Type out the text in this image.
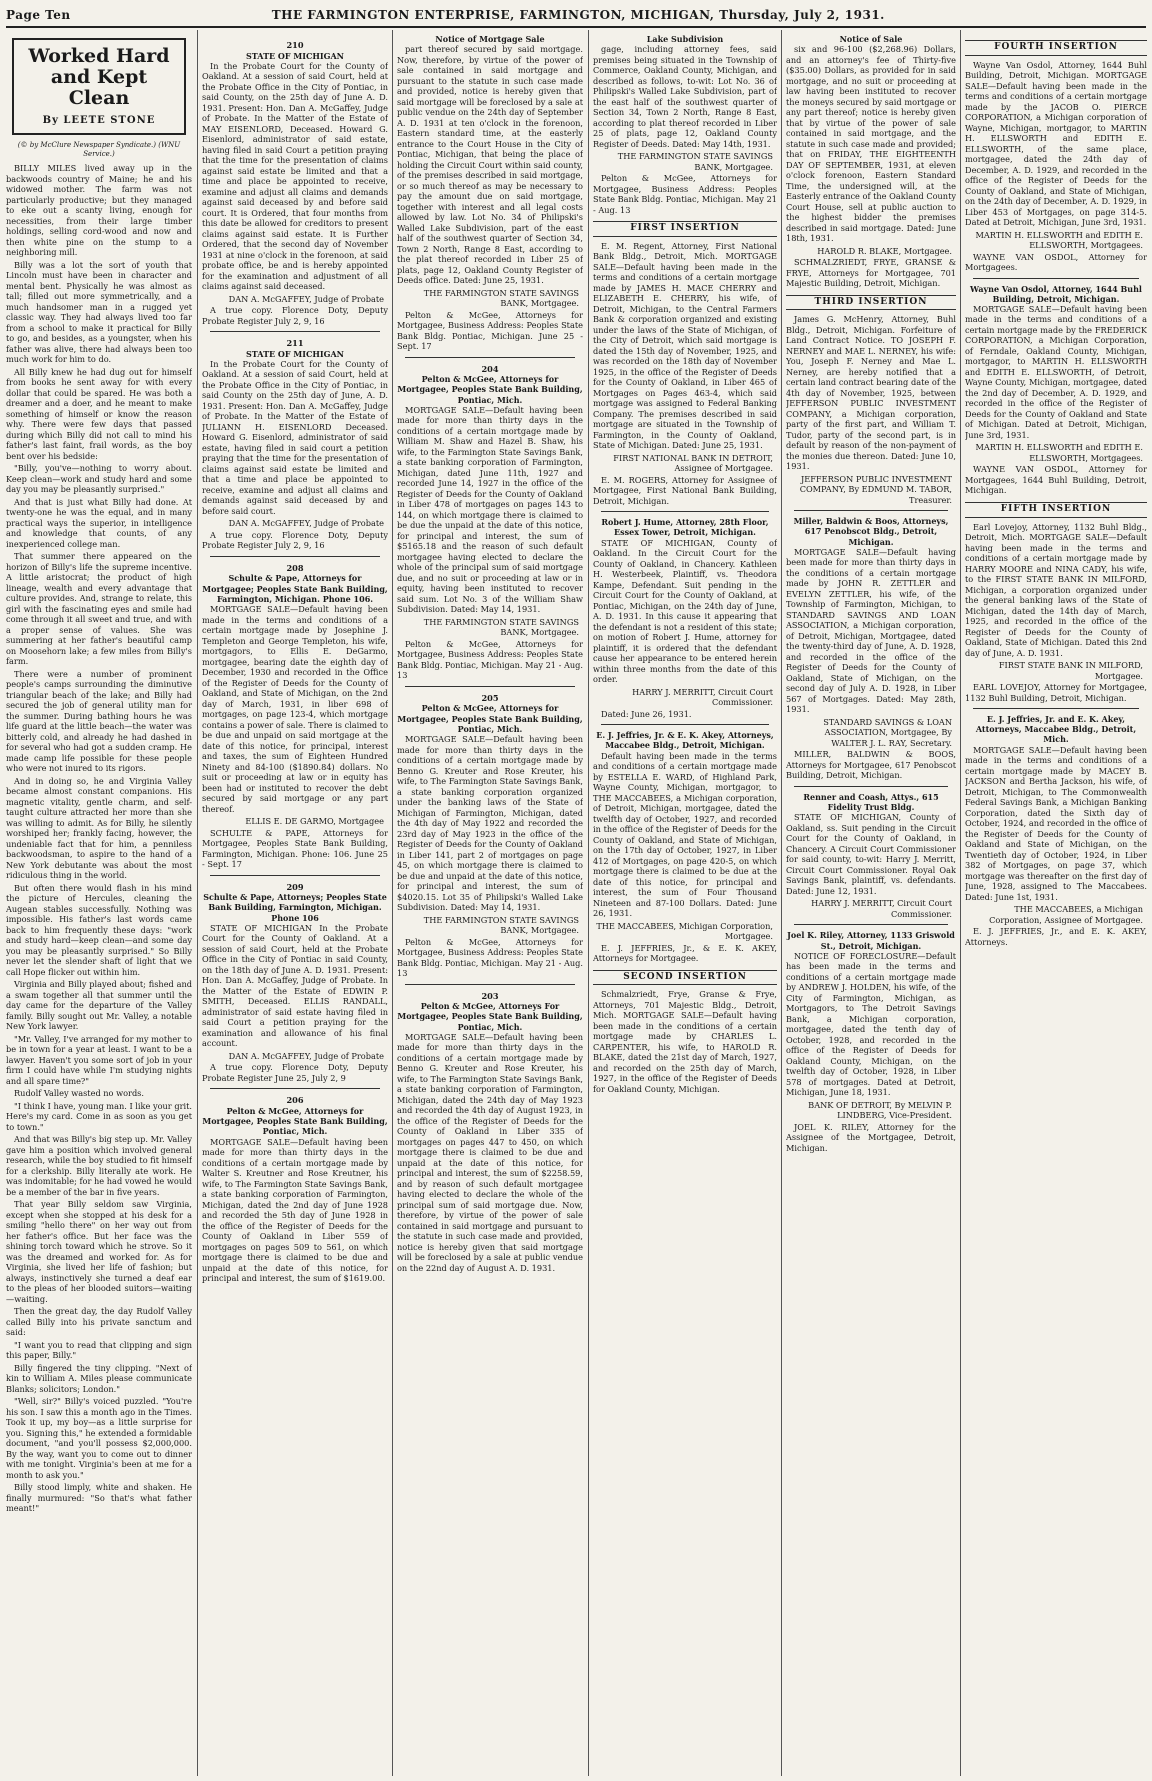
Page Ten	THE FARMINGTON ENTERPRISE, FARMINGTON, MICHIGAN, Thursday, July 2, 1931.
Worked Hard and Kept Clean
By LEETE STONE
(© by McClure Newspaper Syndicate.) (WNU Service.)

BILLY MILES lived away up in the backwoods country of Maine; he and his widowed mother. The farm was not particularly productive; but they managed to eke out a scanty living, enough for necessities, from their large timber holdings, selling cord-wood and now and then white pine on the stump to a neighboring mill.

Billy was a lot the sort of youth that Lincoln must have been in character and mental bent. Physically he was almost as tall; filled out more symmetrically, and a much handsomer man in a rugged yet classic way. They had always lived too far from a school to make it practical for Billy to go, and besides, as a youngster, when his father was alive, there had always been too much work for him to do.

All Billy knew he had dug out for himself from books he sent away for with every dollar that could be spared. He was both a dreamer and a doer, and he meant to make something of himself or know the reason why. There were few days that passed during which Billy did not call to mind his father's last faint, frail words, as the boy bent over his bedside:

"Billy, you've—nothing to worry about. Keep clean—work and study hard and some day you may be pleasantly surprised."

And that is just what Billy had done. At twenty-one he was the equal, and in many practical ways the superior, in intelligence and knowledge that counts, of any inexperienced college man.

That summer there appeared on the horizon of Billy's life the supreme incentive. A little aristocrat; the product of high lineage, wealth and every advantage that culture provides. And, strange to relate, this girl with the fascinating eyes and smile had come through it all sweet and true, and with a proper sense of values. She was summering at her father's beautiful camp on Moosehorn lake; a few miles from Billy's farm.

There were a number of prominent people's camps surrounding the diminutive triangular beach of the lake; and Billy had secured the job of general utility man for the summer. During bathing hours he was life guard at the little beach—the water was bitterly cold, and already he had dashed in for several who had got a sudden cramp. He made camp life possible for these people who were not inured to its rigors.

And in doing so, he and Virginia Valley became almost constant companions. His magnetic vitality, gentle charm, and self-taught culture attracted her more than she was willing to admit. As for Billy, he silently worshiped her; frankly facing, however, the undeniable fact that for him, a penniless backwoodsman, to aspire to the hand of a New York debutante was about the most ridiculous thing in the world.

But often there would flash in his mind the picture of Hercules, cleaning the Augean stables successfully. Nothing was impossible. His father's last words came back to him frequently these days: "work and study hard—keep clean—and some day you may be pleasantly surprised." So Billy never let the slender shaft of light that we call Hope flicker out within him.

Virginia and Billy played about; fished and a swam together all that summer until the day came for the departure of the Valley family. Billy sought out Mr. Valley, a notable New York lawyer.

"Mr. Valley, I've arranged for my mother to be in town for a year at least. I want to be a lawyer. Haven't you some sort of job in your firm I could have while I'm studying nights and all spare time?"

Rudolf Valley wasted no words.

"I think I have, young man. I like your grit. Here's my card. Come in as soon as you get to town."

And that was Billy's big step up. Mr. Valley gave him a position which involved general research, while the boy studied to fit himself for a clerkship. Billy literally ate work. He was indomitable; for he had vowed he would be a member of the bar in five years.

That year Billy seldom saw Virginia, except when she stopped at his desk for a smiling "hello there" on her way out from her father's office. But her face was the shining torch toward which he strove. So it was the dreamed and worked for. As for Virginia, she lived her life of fashion; but always, instinctively she turned a deaf ear to the pleas of her blooded suitors—waiting—waiting.

Then the great day, the day Rudolf Valley called Billy into his private sanctum and said:

"I want you to read that clipping and sign this paper, Billy."

Billy fingered the tiny clipping. "Next of kin to William A. Miles please communicate Blanks; solicitors; London."

"Well, sir?" Billy's voiced puzzled. "You're his son. I saw this a month ago in the Times. Took it up, my boy—as a little surprise for you. Signing this," he extended a formidable document, "and you'll possess $2,000,000. By the way, want you to come out to dinner with me tonight. Virginia's been at me for a month to ask you."

Billy stood limply, white and shaken. He finally murmured: "So that's what father meant!"

210
STATE OF MICHIGAN

In the Probate Court for the County of Oakland. At a session of said Court, held at the Probate Office in the City of Pontiac, in said County, on the 25th day of June A. D. 1931. Present: Hon. Dan A. McGaffey, Judge of Probate. In the Matter of the Estate of MAY EISENLORD, Deceased. Howard G. Eisenlord, administrator of said estate, having filed in said Court a petition praying that the time for the presentation of claims against said estate be limited and that a time and place be appointed to receive, examine and adjust all claims and demands against said deceased by and before said court. It is Ordered, that four months from this date be allowed for creditors to present claims against said estate. It is Further Ordered, that the second day of November 1931 at nine o'clock in the forenoon, at said probate office, be and is hereby appointed for the examination and adjustment of all claims against said deceased.

DAN A. McGAFFEY, Judge of Probate

A true copy. Florence Doty, Deputy Probate Register July 2, 9, 16

211
STATE OF MICHIGAN

In the Probate Court for the County of Oakland. At a session of said Court, held at the Probate Office in the City of Pontiac, in said County on the 25th day of June, A. D. 1931. Present: Hon. Dan A. McGaffey, Judge of Probate. In the Matter of the Estate of JULIANN H. EISENLORD Deceased. Howard G. Eisenlord, administrator of said estate, having filed in said court a petition praying that the time for the presentation of claims against said estate be limited and that a time and place be appointed to receive, examine and adjust all claims and demands against said deceased by and before said court.

DAN A. McGAFFEY, Judge of Probate

A true copy. Florence Doty, Deputy Probate Register July 2, 9, 16

208
Schulte & Pape, Attorneys for Mortgagee; Peoples State Bank Building, Farmington, Michigan. Phone 106.

MORTGAGE SALE—Default having been made in the terms and conditions of a certain mortgage made by Josephine J. Templeton and George Templeton, his wife, mortgagors, to Ellis E. DeGarmo, mortgagee, bearing date the eighth day of December, 1930 and recorded in the Office of the Register of Deeds for the County of Oakland, and State of Michigan, on the 2nd day of March, 1931, in liber 698 of mortgages, on page 123-4, which mortgage contains a power of sale. There is claimed to be due and unpaid on said mortgage at the date of this notice, for principal, interest and taxes, the sum of Eighteen Hundred Ninety and 84-100 ($1890.84) dollars. No suit or proceeding at law or in equity has been had or instituted to recover the debt secured by said mortgage or any part thereof.

ELLIS E. DE GARMO, Mortgagee

SCHULTE & PAPE, Attorneys for Mortgagee, Peoples State Bank Building, Farmington, Michigan. Phone: 106. June 25 - Sept. 17

209
Schulte & Pape, Attorneys; Peoples State Bank Building, Farmington, Michigan. Phone 106

STATE OF MICHIGAN In the Probate Court for the County of Oakland. At a session of said Court, held at the Probate Office in the City of Pontiac in said County, on the 18th day of June A. D. 1931. Present: Hon. Dan A. McGaffey, Judge of Probate. In the Matter of the Estate of EDWIN P. SMITH, Deceased. ELLIS RANDALL, administrator of said estate having filed in said Court a petition praying for the examination and allowance of his final account.

DAN A. McGAFFEY, Judge of Probate

A true copy. Florence Doty, Deputy Probate Register June 25, July 2, 9

206
Pelton & McGee, Attorneys for Mortgagee, Peoples State Bank Building, Pontiac, Mich.

MORTGAGE SALE—Default having been made for more than thirty days in the conditions of a certain mortgage made by Walter S. Kreutner and Rose Kreutner, his wife, to The Farmington State Savings Bank, a state banking corporation of Farmington, Michigan, dated the 2nd day of June 1928 and recorded the 5th day of June 1928 in the office of the Register of Deeds for the County of Oakland in Liber 559 of mortgages on pages 509 to 561, on which mortgage there is claimed to be due and unpaid at the date of this notice, for principal and interest, the sum of $1619.00.

Notice of Mortgage Sale

part thereof secured by said mortgage. Now, therefore, by virtue of the power of sale contained in said mortgage and pursuant to the statute in such case made and provided, notice is hereby given that said mortgage will be foreclosed by a sale at public vendue on the 24th day of September A. D. 1931 at ten o'clock in the forenoon, Eastern standard time, at the easterly entrance to the Court House in the City of Pontiac, Michigan, that being the place of holding the Circuit Court within said county, of the premises described in said mortgage, or so much thereof as may be necessary to pay the amount due on said mortgage, together with interest and all legal costs allowed by law. Lot No. 34 of Philipski's Walled Lake Subdivision, part of the east half of the southwest quarter of Section 34, Town 2 North, Range 8 East, according to the plat thereof recorded in Liber 25 of plats, page 12, Oakland County Register of Deeds office. Dated: June 25, 1931.

THE FARMINGTON STATE SAVINGS BANK, Mortgagee.

Pelton & McGee, Attorneys for Mortgagee, Business Address: Peoples State Bank Bldg. Pontiac, Michigan. June 25 - Sept. 17

204
Pelton & McGee, Attorneys for Mortgagee, Peoples State Bank Building, Pontiac, Mich.

MORTGAGE SALE—Default having been made for more than thirty days in the conditions of a certain mortgage made by William M. Shaw and Hazel B. Shaw, his wife, to the Farmington State Savings Bank, a state banking corporation of Farmington, Michigan, dated June 11th, 1927 and recorded June 14, 1927 in the office of the Register of Deeds for the County of Oakland in Liber 478 of mortgages on pages 143 to 144, on which mortgage there is claimed to be due the unpaid at the date of this notice, for principal and interest, the sum of $5165.18 and the reason of such default mortgagee having elected to declare the whole of the principal sum of said mortgage due, and no suit or proceeding at law or in equity, having been instituted to recover said sum. Lot No. 3 of the William Shaw Subdivision. Dated: May 14, 1931.

THE FARMINGTON STATE SAVINGS BANK, Mortgagee.

Pelton & McGee, Attorneys for Mortgagee, Business Address: Peoples State Bank Bldg. Pontiac, Michigan. May 21 - Aug. 13

205
Pelton & McGee, Attorneys for Mortgagee, Peoples State Bank Building, Pontiac, Mich.

MORTGAGE SALE—Default having been made for more than thirty days in the conditions of a certain mortgage made by Benno G. Kreuter and Rose Kreuter, his wife, to The Farmington State Savings Bank, a state banking corporation organized under the banking laws of the State of Michigan of Farmington, Michigan, dated the 4th day of May 1922 and recorded the 23rd day of May 1923 in the office of the Register of Deeds for the County of Oakland in Liber 141, part 2 of mortgages on page 45, on which mortgage there is claimed to be due and unpaid at the date of this notice, for principal and interest, the sum of $4020.15. Lot 35 of Philipski's Walled Lake Subdivision. Dated: May 14, 1931.

THE FARMINGTON STATE SAVINGS BANK, Mortgagee.

Pelton & McGee, Attorneys for Mortgagee, Business Address: Peoples State Bank Bldg. Pontiac, Michigan. May 21 - Aug. 13

203
Pelton & McGee, Attorneys For Mortgagee, Peoples State Bank Building, Pontiac, Mich.

MORTGAGE SALE—Default having been made for more than thirty days in the conditions of a certain mortgage made by Benno G. Kreuter and Rose Kreuter, his wife, to The Farmington State Savings Bank, a state banking corporation of Farmington, Michigan, dated the 24th day of May 1923 and recorded the 4th day of August 1923, in the office of the Register of Deeds for the County of Oakland in Liber 335 of mortgages on pages 447 to 450, on which mortgage there is claimed to be due and unpaid at the date of this notice, for principal and interest, the sum of $2258.59, and by reason of such default mortgagee having elected to declare the whole of the principal sum of said mortgage due. Now, therefore, by virtue of the power of sale contained in said mortgage and pursuant to the statute in such case made and provided, notice is hereby given that said mortgage will be foreclosed by a sale at public vendue on the 22nd day of August A. D. 1931.

Lake Subdivision

gage, including attorney fees, said premises being situated in the Township of Commerce, Oakland County, Michigan, and described as follows, to-wit: Lot No. 36 of Philipski's Walled Lake Subdivision, part of the east half of the southwest quarter of Section 34, Town 2 North, Range 8 East, according to plat thereof recorded in Liber 25 of plats, page 12, Oakland County Register of Deeds. Dated: May 14th, 1931.

THE FARMINGTON STATE SAVINGS BANK, Mortgagee.

Pelton & McGee, Attorneys for Mortgagee, Business Address: Peoples State Bank Bldg. Pontiac, Michigan. May 21 - Aug. 13

FIRST INSERTION

E. M. Regent, Attorney, First National Bank Bldg., Detroit, Mich. MORTGAGE SALE—Default having been made in the terms and conditions of a certain mortgage made by JAMES H. MACE CHERRY and ELIZABETH E. CHERRY, his wife, of Detroit, Michigan, to the Central Farmers Bank & corporation organized and existing under the laws of the State of Michigan, of the City of Detroit, which said mortgage is dated the 15th day of November, 1925, and was recorded on the 18th day of November 1925, in the office of the Register of Deeds for the County of Oakland, in Liber 465 of Mortgages on Pages 463-4, which said mortgage was assigned to Federal Banking Company. The premises described in said mortgage are situated in the Township of Farmington, in the County of Oakland, State of Michigan. Dated: June 25, 1931.

FIRST NATIONAL BANK IN DETROIT, Assignee of Mortgagee.

E. M. ROGERS, Attorney for Assignee of Mortgagee, First National Bank Building, Detroit, Michigan.

Robert J. Hume, Attorney, 28th Floor, Essex Tower, Detroit, Michigan.

STATE OF MICHIGAN, County of Oakland. In the Circuit Court for the County of Oakland, in Chancery. Kathleen H. Westerbeek, Plaintiff, vs. Theodora Kampe, Defendant. Suit pending in the Circuit Court for the County of Oakland, at Pontiac, Michigan, on the 24th day of June, A. D. 1931. In this cause it appearing that the defendant is not a resident of this state; on motion of Robert J. Hume, attorney for plaintiff, it is ordered that the defendant cause her appearance to be entered herein within three months from the date of this order.

HARRY J. MERRITT, Circuit Court Commissioner.

Dated: June 26, 1931.

E. J. Jeffries, Jr. & E. K. Akey, Attorneys, Maccabee Bldg., Detroit, Michigan.

Default having been made in the terms and conditions of a certain mortgage made by ESTELLA E. WARD, of Highland Park, Wayne County, Michigan, mortgagor, to THE MACCABEES, a Michigan corporation, of Detroit, Michigan, mortgagee, dated the twelfth day of October, 1927, and recorded in the office of the Register of Deeds for the County of Oakland, and State of Michigan, on the 17th day of October, 1927, in Liber 412 of Mortgages, on page 420-5, on which mortgage there is claimed to be due at the date of this notice, for principal and interest, the sum of Four Thousand Nineteen and 87-100 Dollars. Dated: June 26, 1931.

THE MACCABEES, Michigan Corporation, Mortgagee.

E. J. JEFFRIES, Jr., & E. K. AKEY, Attorneys for Mortgagee.

SECOND INSERTION

Schmalzriedt, Frye, Granse & Frye, Attorneys, 701 Majestic Bldg., Detroit, Mich. MORTGAGE SALE—Default having been made in the conditions of a certain mortgage made by CHARLES L. CARPENTER, his wife, to HAROLD R. BLAKE, dated the 21st day of March, 1927, and recorded on the 25th day of March, 1927, in the office of the Register of Deeds for Oakland County, Michigan.

Notice of Sale

six and 96-100 ($2,268.96) Dollars, and an attorney's fee of Thirty-five ($35.00) Dollars, as provided for in said mortgage, and no suit or proceeding at law having been instituted to recover the moneys secured by said mortgage or any part thereof; notice is hereby given that by virtue of the power of sale contained in said mortgage, and the statute in such case made and provided; that on FRIDAY, THE EIGHTEENTH DAY OF SEPTEMBER, 1931, at eleven o'clock forenoon, Eastern Standard Time, the undersigned will, at the Easterly entrance of the Oakland County Court House, sell at public auction to the highest bidder the premises described in said mortgage. Dated: June 18th, 1931.

HAROLD R. BLAKE, Mortgagee.

SCHMALZRIEDT, FRYE, GRANSE & FRYE, Attorneys for Mortgagee, 701 Majestic Building, Detroit, Michigan.

THIRD INSERTION

James G. McHenry, Attorney, Buhl Bldg., Detroit, Michigan. Forfeiture of Land Contract Notice. TO JOSEPH F. NERNEY and MAE L. NERNEY, his wife: You, Joseph F. Nerney and Mae L. Nerney, are hereby notified that a certain land contract bearing date of the 4th day of November, 1925, between JEFFERSON PUBLIC INVESTMENT COMPANY, a Michigan corporation, party of the first part, and William T. Tudor, party of the second part, is in default by reason of the non-payment of the monies due thereon. Dated: June 10, 1931.

JEFFERSON PUBLIC INVESTMENT COMPANY, By EDMUND M. TABOR, Treasurer.
Miller, Baldwin & Boos, Attorneys, 617 Penobscot Bldg., Detroit, Michigan.

MORTGAGE SALE—Default having been made for more than thirty days in the conditions of a certain mortgage made by JOHN R. ZETTLER and EVELYN ZETTLER, his wife, of the Township of Farmington, Michigan, to STANDARD SAVINGS AND LOAN ASSOCIATION, a Michigan corporation, of Detroit, Michigan, Mortgagee, dated the twenty-third day of June, A. D. 1928, and recorded in the office of the Register of Deeds for the County of Oakland, State of Michigan, on the second day of July A. D. 1928, in Liber 567 of Mortgages. Dated: May 28th, 1931.

STANDARD SAVINGS & LOAN ASSOCIATION, Mortgagee, By WALTER J. L. RAY, Secretary.

MILLER, BALDWIN & BOOS, Attorneys for Mortgagee, 617 Penobscot Building, Detroit, Michigan.

Renner and Coash, Attys., 615 Fidelity Trust Bldg.

STATE OF MICHIGAN, County of Oakland, ss. Suit pending in the Circuit Court for the County of Oakland, in Chancery. A Circuit Court Commissioner for said county, to-wit: Harry J. Merritt, Circuit Court Commissioner. Royal Oak Savings Bank, plaintiff, vs. defendants. Dated: June 12, 1931.

HARRY J. MERRITT, Circuit Court Commissioner.
Joel K. Riley, Attorney, 1133 Griswold St., Detroit, Michigan.

NOTICE OF FORECLOSURE—Default has been made in the terms and conditions of a certain mortgage made by ANDREW J. HOLDEN, his wife, of the City of Farmington, Michigan, as Mortgagors, to The Detroit Savings Bank, a Michigan corporation, mortgagee, dated the tenth day of October, 1928, and recorded in the office of the Register of Deeds for Oakland County, Michigan, on the twelfth day of October, 1928, in Liber 578 of mortgages. Dated at Detroit, Michigan, June 18, 1931.

BANK OF DETROIT, By MELVIN P. LINDBERG, Vice-President.

JOEL K. RILEY, Attorney for the Assignee of the Mortgagee, Detroit, Michigan.

FOURTH INSERTION

Wayne Van Osdol, Attorney, 1644 Buhl Building, Detroit, Michigan. MORTGAGE SALE—Default having been made in the terms and conditions of a certain mortgage made by the JACOB O. PIERCE CORPORATION, a Michigan corporation of Wayne, Michigan, mortgagor, to MARTIN H. ELLSWORTH and EDITH E. ELLSWORTH, of the same place, mortgagee, dated the 24th day of December, A. D. 1929, and recorded in the office of the Register of Deeds for the County of Oakland, and State of Michigan, on the 24th day of December, A. D. 1929, in Liber 453 of Mortgages, on page 314-5. Dated at Detroit, Michigan, June 3rd, 1931.

MARTIN H. ELLSWORTH and EDITH E. ELLSWORTH, Mortgagees.

WAYNE VAN OSDOL, Attorney for Mortgagees.

Wayne Van Osdol, Attorney, 1644 Buhl Building, Detroit, Michigan.

MORTGAGE SALE—Default having been made in the terms and conditions of a certain mortgage made by the FREDERICK CORPORATION, a Michigan Corporation, of Ferndale, Oakland County, Michigan, mortgagor, to MARTIN H. ELLSWORTH and EDITH E. ELLSWORTH, of Detroit, Wayne County, Michigan, mortgagee, dated the 2nd day of December, A. D. 1929, and recorded in the office of the Register of Deeds for the County of Oakland and State of Michigan. Dated at Detroit, Michigan, June 3rd, 1931.

MARTIN H. ELLSWORTH and EDITH E. ELLSWORTH, Mortgagees.

WAYNE VAN OSDOL, Attorney for Mortgagees, 1644 Buhl Building, Detroit, Michigan.

FIFTH INSERTION

Earl Lovejoy, Attorney, 1132 Buhl Bldg., Detroit, Mich. MORTGAGE SALE—Default having been made in the terms and conditions of a certain mortgage made by HARRY MOORE and NINA CADY, his wife, to the FIRST STATE BANK IN MILFORD, Michigan, a corporation organized under the general banking laws of the State of Michigan, dated the 14th day of March, 1925, and recorded in the office of the Register of Deeds for the County of Oakland, State of Michigan. Dated this 2nd day of June, A. D. 1931.

FIRST STATE BANK IN MILFORD, Mortgagee.

EARL LOVEJOY, Attorney for Mortgagee, 1132 Buhl Building, Detroit, Michigan.

E. J. Jeffries, Jr. and E. K. Akey, Attorneys, Maccabee Bldg., Detroit, Mich.

MORTGAGE SALE—Default having been made in the terms and conditions of a certain mortgage made by MACEY B. JACKSON and Bertha Jackson, his wife, of Detroit, Michigan, to The Commonwealth Federal Savings Bank, a Michigan Banking Corporation, dated the Sixth day of October, 1924, and recorded in the office of the Register of Deeds for the County of Oakland and State of Michigan, on the Twentieth day of October, 1924, in Liber 382 of Mortgages, on page 37, which mortgage was thereafter on the first day of June, 1928, assigned to The Maccabees. Dated: June 1st, 1931.

THE MACCABEES, a Michigan Corporation, Assignee of Mortgagee.

E. J. JEFFRIES, Jr., and E. K. AKEY, Attorneys.
